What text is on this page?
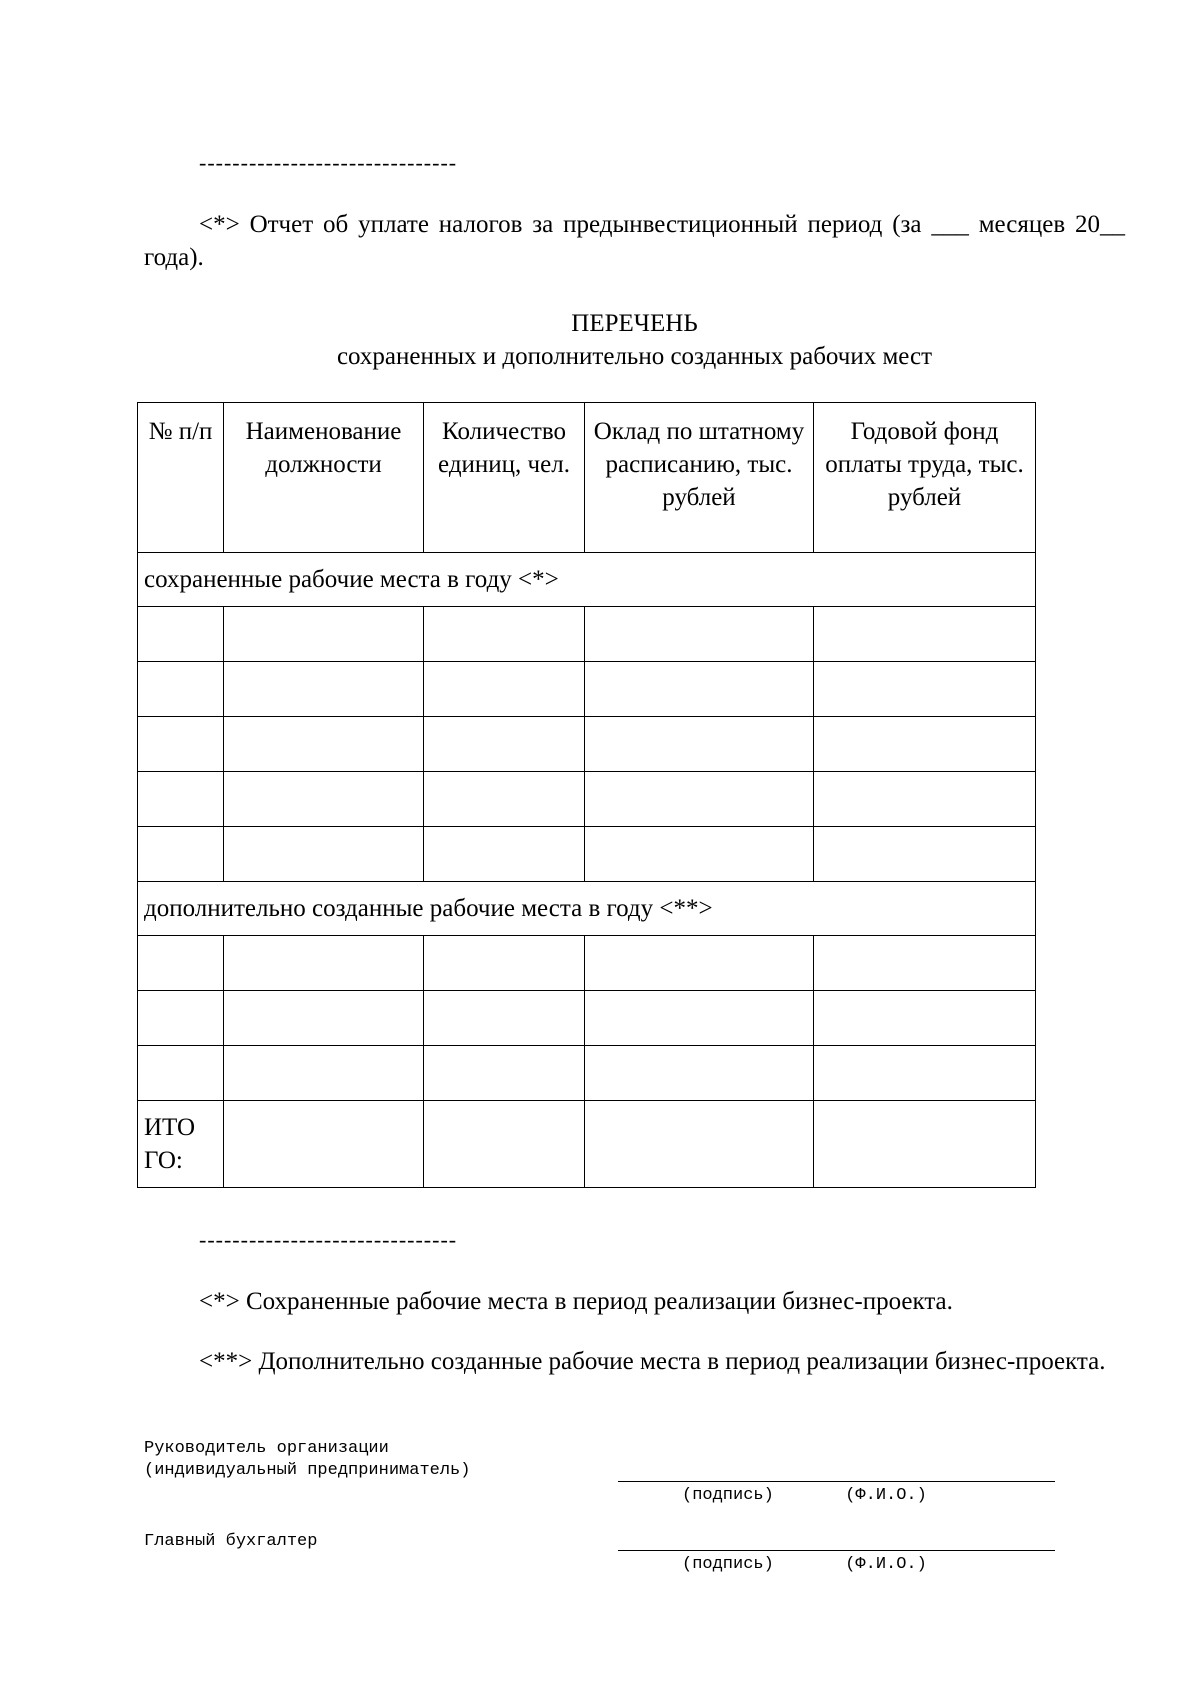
-------------------------------
<*> Отчет об уплате налогов за предынвестиционный период (за ___ месяцев 20__ года).
ПЕРЕЧЕНЬ
сохраненных и дополнительно созданных рабочих мест
№ п/п	Наименование должности	Количество единиц, чел.	Оклад по штатному расписанию, тыс. рублей	Годовой фонд оплаты труда, тыс. рублей
сохраненные рабочие места в году <*>				

дополнительно созданные рабочие места в году <**>				

ИТО ГО:				
-------------------------------
<*> Сохраненные рабочие места в период реализации бизнес-проекта.
<**> Дополнительно созданные рабочие места в период реализации бизнес-проекта.
Руководитель организации
(индивидуальный предприниматель)
(подпись)       (Ф.И.О.)
Главный бухгалтер
(подпись)       (Ф.И.О.)
